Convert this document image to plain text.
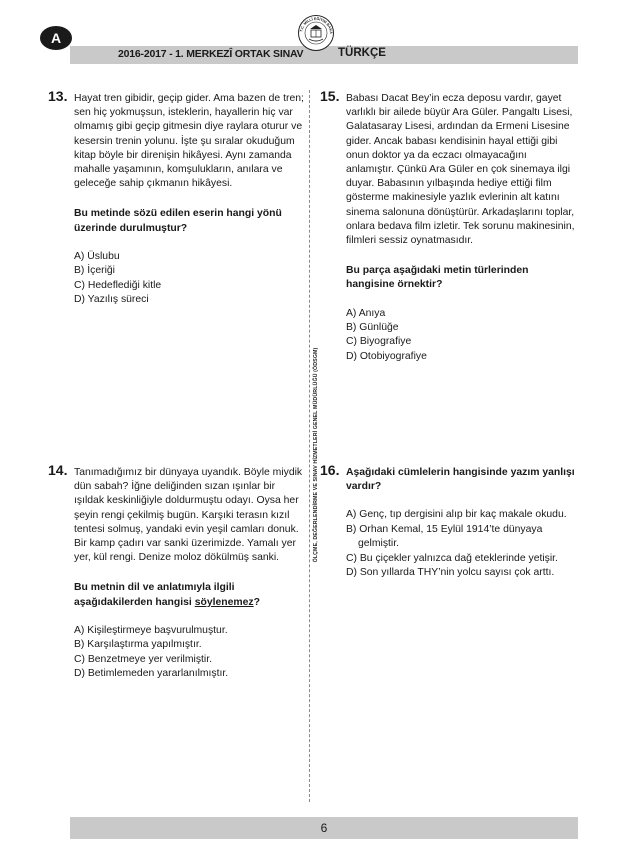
A
2016-2017 - 1. MERKEZÎ ORTAK SINAV
T.C. MİLLÎ EĞİTİM BAKA
TÜRKÇE
ÖLÇME, DEĞERLENDİRME VE SINAV HİZMETLERİ GENEL MÜDÜRLÜĞÜ (ÖDSGM)
13. Hayat tren gibidir, geçip gider. Ama bazen de tren; sen hiç yokmuşsun, isteklerin, hayallerin hiç var olmamış gibi geçip gitmesin diye raylara oturur ve kesersin trenin yolunu. İşte şu sıralar okuduğum kitap böyle bir direnişin hikâyesi. Aynı zamanda mahalle yaşamının, komşulukların, anılara ve geleceğe sahip çıkmanın hikâyesi.
Bu metinde sözü edilen eserin hangi yönü üzerinde durulmuştur?
A) Üslubu
B) İçeriği
C) Hedeflediği kitle
D) Yazılış süreci
14. Tanımadığımız bir dünyaya uyandık. Böyle miydik dün sabah? İğne deliğinden sızan ışınlar bir ışıldak keskinliğiyle doldurmuştu odayı. Oysa her şeyin rengi çekilmiş bugün. Karşıki terasın kızıl tentesi solmuş, yandaki evin yeşil camları donuk. Bir kamp çadırı var sanki üzerimizde. Yamalı yer yer, kül rengi. Denize moloz dökülmüş sanki.
Bu metnin dil ve anlatımıyla ilgili aşağıdakilerden hangisi söylenemez?
A) Kişileştirmeye başvurulmuştur.
B) Karşılaştırma yapılmıştır.
C) Benzetmeye yer verilmiştir.
D) Betimlemeden yararlanılmıştır.
15. Babası Dacat Bey’in ecza deposu vardır, gayet varlıklı bir ailede büyür Ara Güler. Pangaltı Lisesi, Galatasaray Lisesi, ardından da Ermeni Lisesine gider. Ancak babası kendisinin hayal ettiği gibi onun doktor ya da eczacı olmayacağını anlamıştır. Çünkü Ara Güler en çok sinemaya ilgi duyar. Babasının yılbaşında hediye ettiği film gösterme makinesiyle yazlık evlerinin alt katını sinema salonuna dönüştürür. Arkadaşlarını toplar, onlara bedava film izletir. Tek sorunu makinesinin, filmleri sessiz oynatmasıdır.
Bu parça aşağıdaki metin türlerinden hangisine örnektir?
A) Anıya
B) Günlüğe
C) Biyografiye
D) Otobiyografiye
16. Aşağıdaki cümlelerin hangisinde yazım yanlışı vardır?
A) Genç, tıp dergisini alıp bir kaç makale okudu.
B) Orhan Kemal, 15 Eylül 1914’te dünyaya gelmiştir.
C) Bu çiçekler yalnızca dağ eteklerinde yetişir.
D) Son yıllarda THY’nin yolcu sayısı çok arttı.
6
